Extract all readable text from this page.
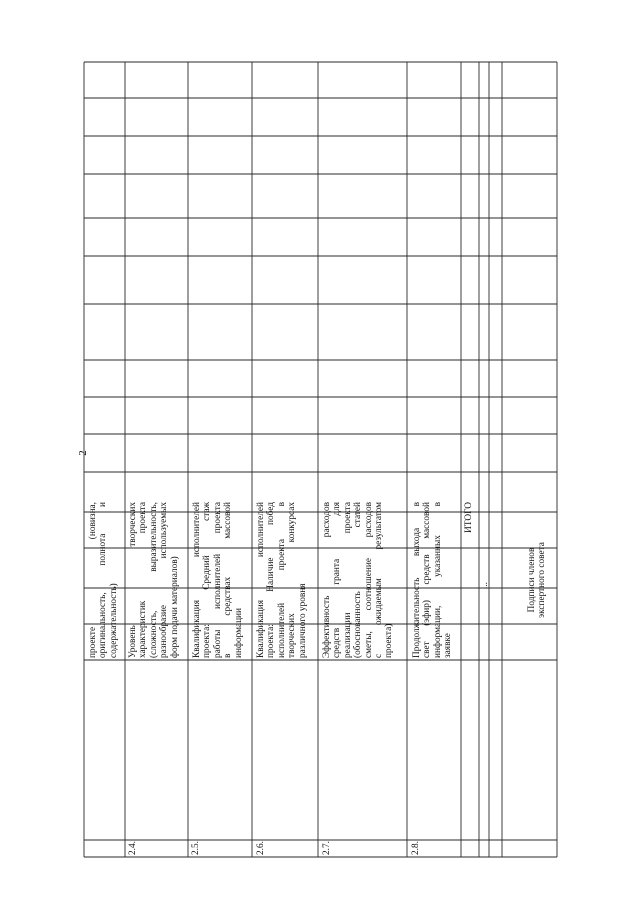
2
проекте (новизна, оригинальность, полнота и содержательность)
2.4.
Уровень творческих характеристик проекта (сложность, выразительность, разнообразие используемых форм подачи материалов)
2.5.
Квалификация исполнителей проекта: Средний стаж работы исполнителей проекта в средствах массовой информации
2.6.
Квалификация исполнителей проекта: Наличие побед исполнителей проекта в творческих конкурсах различного уровня
2.7.
Эффективность расходов средств гранта для реализации проекта (обоснованность статей сметы, соотношение расходов с ожидаемым результатом проекта)
2.8.
Продолжительность выхода в свет (эфир) средств массовой информации, указанных в заявке
ИТОГО
...	Подписи членов экспертного совета
